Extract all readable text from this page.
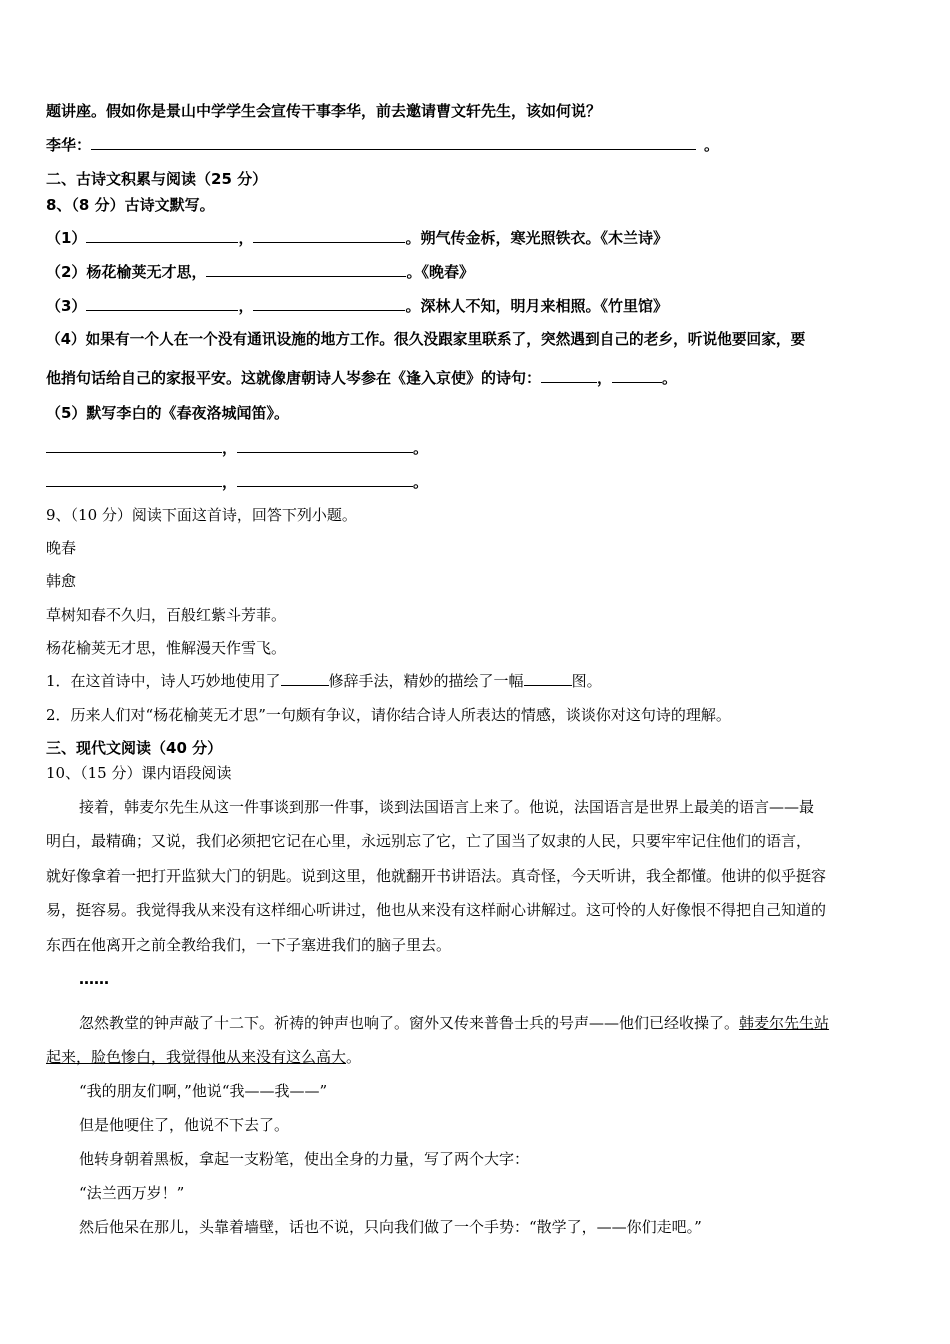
题讲座。假如你是景山中学学生会宣传干事李华，前去邀请曹文轩先生，该如何说？
李华：	。
二、古诗文积累与阅读（25 分）
8、（8 分）古诗文默写。
（1）	，	。朔气传金柝，寒光照铁衣。《木兰诗》
（2）杨花榆荚无才思，	。《晚春》
（3）	，	。深林人不知，明月来相照。《竹里馆》
（4）如果有一个人在一个没有通讯设施的地方工作。很久没跟家里联系了，突然遇到自己的老乡，听说他要回家，要
他捎句话给自己的家报平安。这就像唐朝诗人岑参在《逢入京使》的诗句：	，	。
（5）默写李白的《春夜洛城闻笛》。
，	。
，	。
9、（10 分）阅读下面这首诗，回答下列小题。
晚春
韩愈
草树知春不久归，百般红紫斗芳菲。
杨花榆荚无才思，惟解漫天作雪飞。
1．在这首诗中，诗人巧妙地使用了	修辞手法，精妙的描绘了一幅	图。
2．历来人们对“杨花榆荚无才思”一句颇有争议，请你结合诗人所表达的情感，谈谈你对这句诗的理解。
三、现代文阅读（40 分）
10、（15 分）课内语段阅读
接着，韩麦尔先生从这一件事谈到那一件事，谈到法国语言上来了。他说，法国语言是世界上最美的语言——最
明白，最精确；又说，我们必须把它记在心里，永远别忘了它，亡了国当了奴隶的人民，只要牢牢记住他们的语言，
就好像拿着一把打开监狱大门的钥匙。说到这里，他就翻开书讲语法。真奇怪，今天听讲，我全都懂。他讲的似乎挺容
易，挺容易。我觉得我从来没有这样细心听讲过，他也从来没有这样耐心讲解过。这可怜的人好像恨不得把自己知道的
东西在他离开之前全教给我们，一下子塞进我们的脑子里去。
……
忽然教堂的钟声敲了十二下。祈祷的钟声也响了。窗外又传来普鲁士兵的号声——他们已经收操了。韩麦尔先生站
起来，脸色惨白，我觉得他从来没有这么高大。
“我的朋友们啊，”他说“我——我——”
但是他哽住了，他说不下去了。
他转身朝着黑板，拿起一支粉笔，使出全身的力量，写了两个大字：
“法兰西万岁！”
然后他呆在那儿，头靠着墙壁，话也不说，只向我们做了一个手势：“散学了，——你们走吧。”
